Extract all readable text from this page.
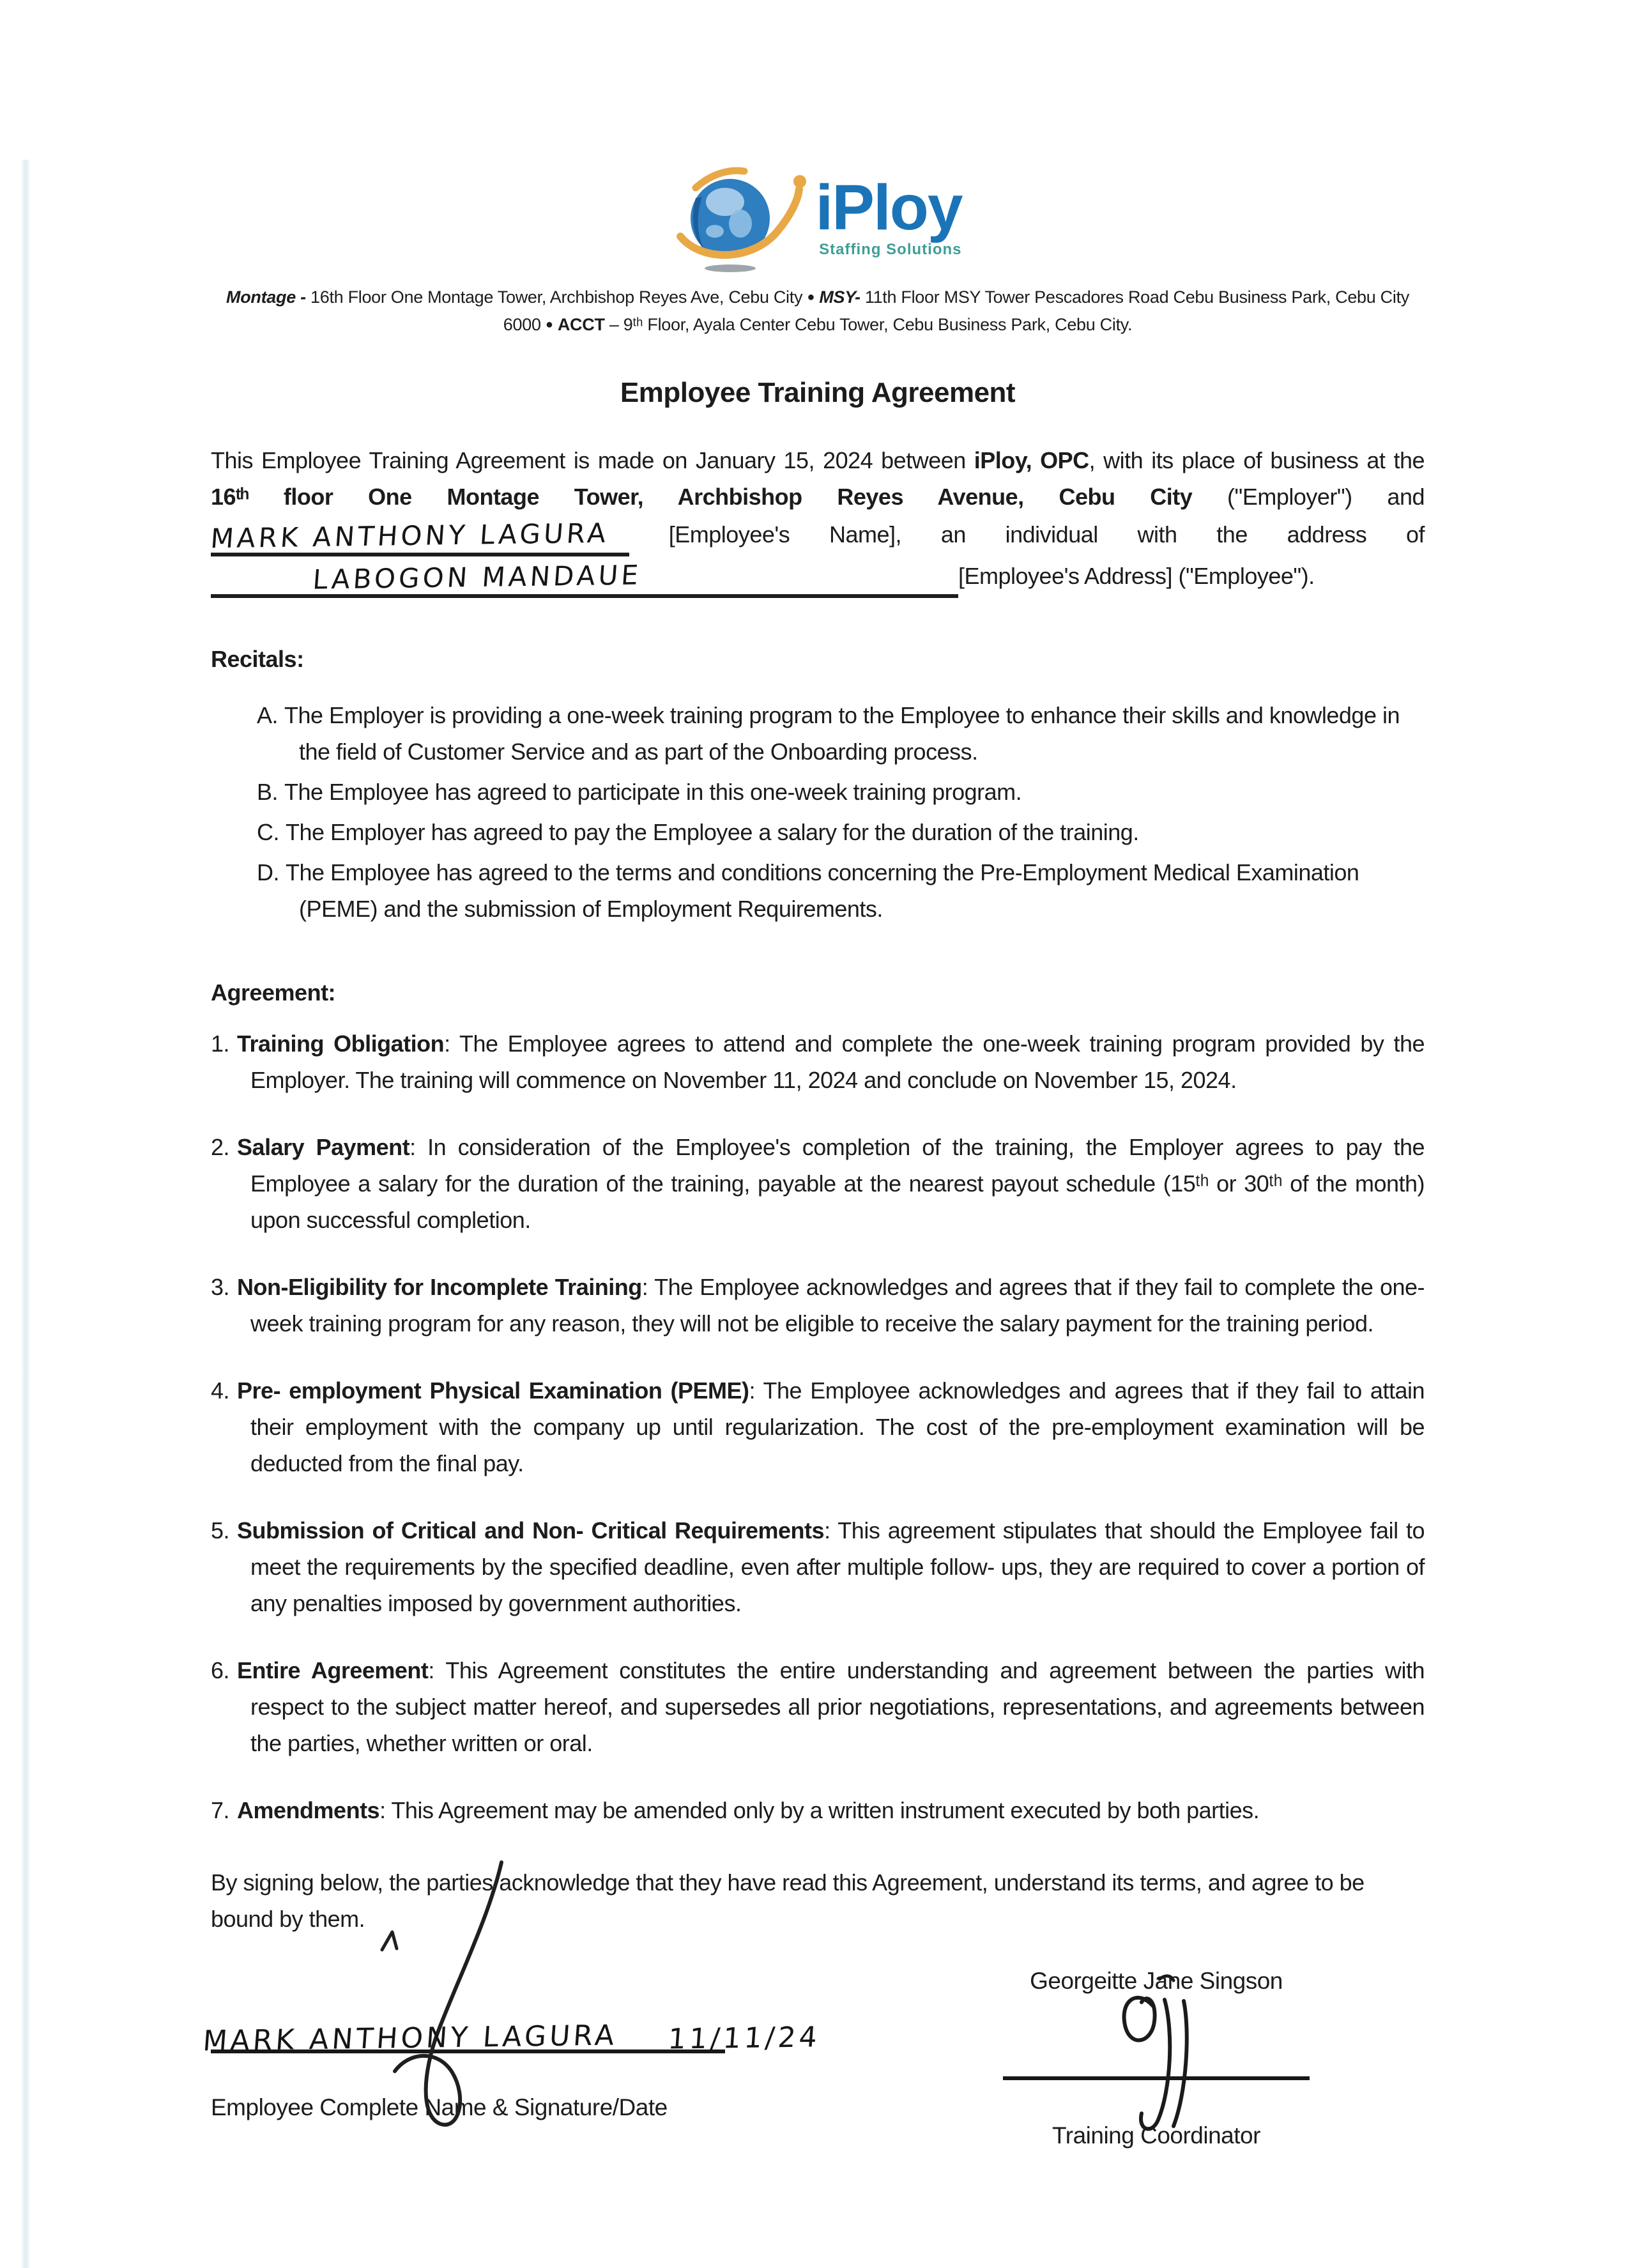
iPloy
Staffing Solutions

Montage - 16th Floor One Montage Tower, Archbishop Reyes Ave, Cebu City ● MSY- 11th Floor MSY Tower Pescadores Road Cebu Business Park, Cebu City 6000 ● ACCT – 9ᵗʰ Floor, Ayala Center Cebu Tower, Cebu Business Park, Cebu City.

Employee Training Agreement

This Employee Training Agreement is made on January 15, 2024 between iPloy, OPC, with its place of business at the 16ᵗʰ floor One Montage Tower, Archbishop Reyes Avenue, Cebu City ("Employer") and MARK ANTHONY LAGURA [Employee's Name], an individual with the address of LABOGON MANDAUE	[Employee's Address] ("Employee").

Recitals:
A. The Employer is providing a one-week training program to the Employee to enhance their skills and knowledge in the field of Customer Service and as part of the Onboarding process.
B. The Employee has agreed to participate in this one-week training program.
C. The Employer has agreed to pay the Employee a salary for the duration of the training.
D. The Employee has agreed to the terms and conditions concerning the Pre-Employment Medical Examination (PEME) and the submission of Employment Requirements.
Agreement:
1. Training Obligation: The Employee agrees to attend and complete the one-week training program provided by the Employer. The training will commence on November 11, 2024 and conclude on November 15, 2024.
2. Salary Payment: In consideration of the Employee's completion of the training, the Employer agrees to pay the Employee a salary for the duration of the training, payable at the nearest payout schedule (15ᵗʰ or 30ᵗʰ of the month) upon successful completion.
3. Non-Eligibility for Incomplete Training: The Employee acknowledges and agrees that if they fail to complete the one-week training program for any reason, they will not be eligible to receive the salary payment for the training period.
4. Pre- employment Physical Examination (PEME): The Employee acknowledges and agrees that if they fail to attain their employment with the company up until regularization. The cost of the pre-employment examination will be deducted from the final pay.
5. Submission of Critical and Non- Critical Requirements: This agreement stipulates that should the Employee fail to meet the requirements by the specified deadline, even after multiple follow- ups, they are required to cover a portion of any penalties imposed by government authorities.
6. Entire Agreement: This Agreement constitutes the entire understanding and agreement between the parties with respect to the subject matter hereof, and supersedes all prior negotiations, representations, and agreements between the parties, whether written or oral.
7. Amendments: This Agreement may be amended only by a written instrument executed by both parties.

By signing below, the parties acknowledge that they have read this Agreement, understand its terms, and agree to be bound by them.

MARK ANTHONY LAGURA 11/11/24
Employee Complete Name & Signature/Date
Georgeitte Jane Singson
Training Coordinator
